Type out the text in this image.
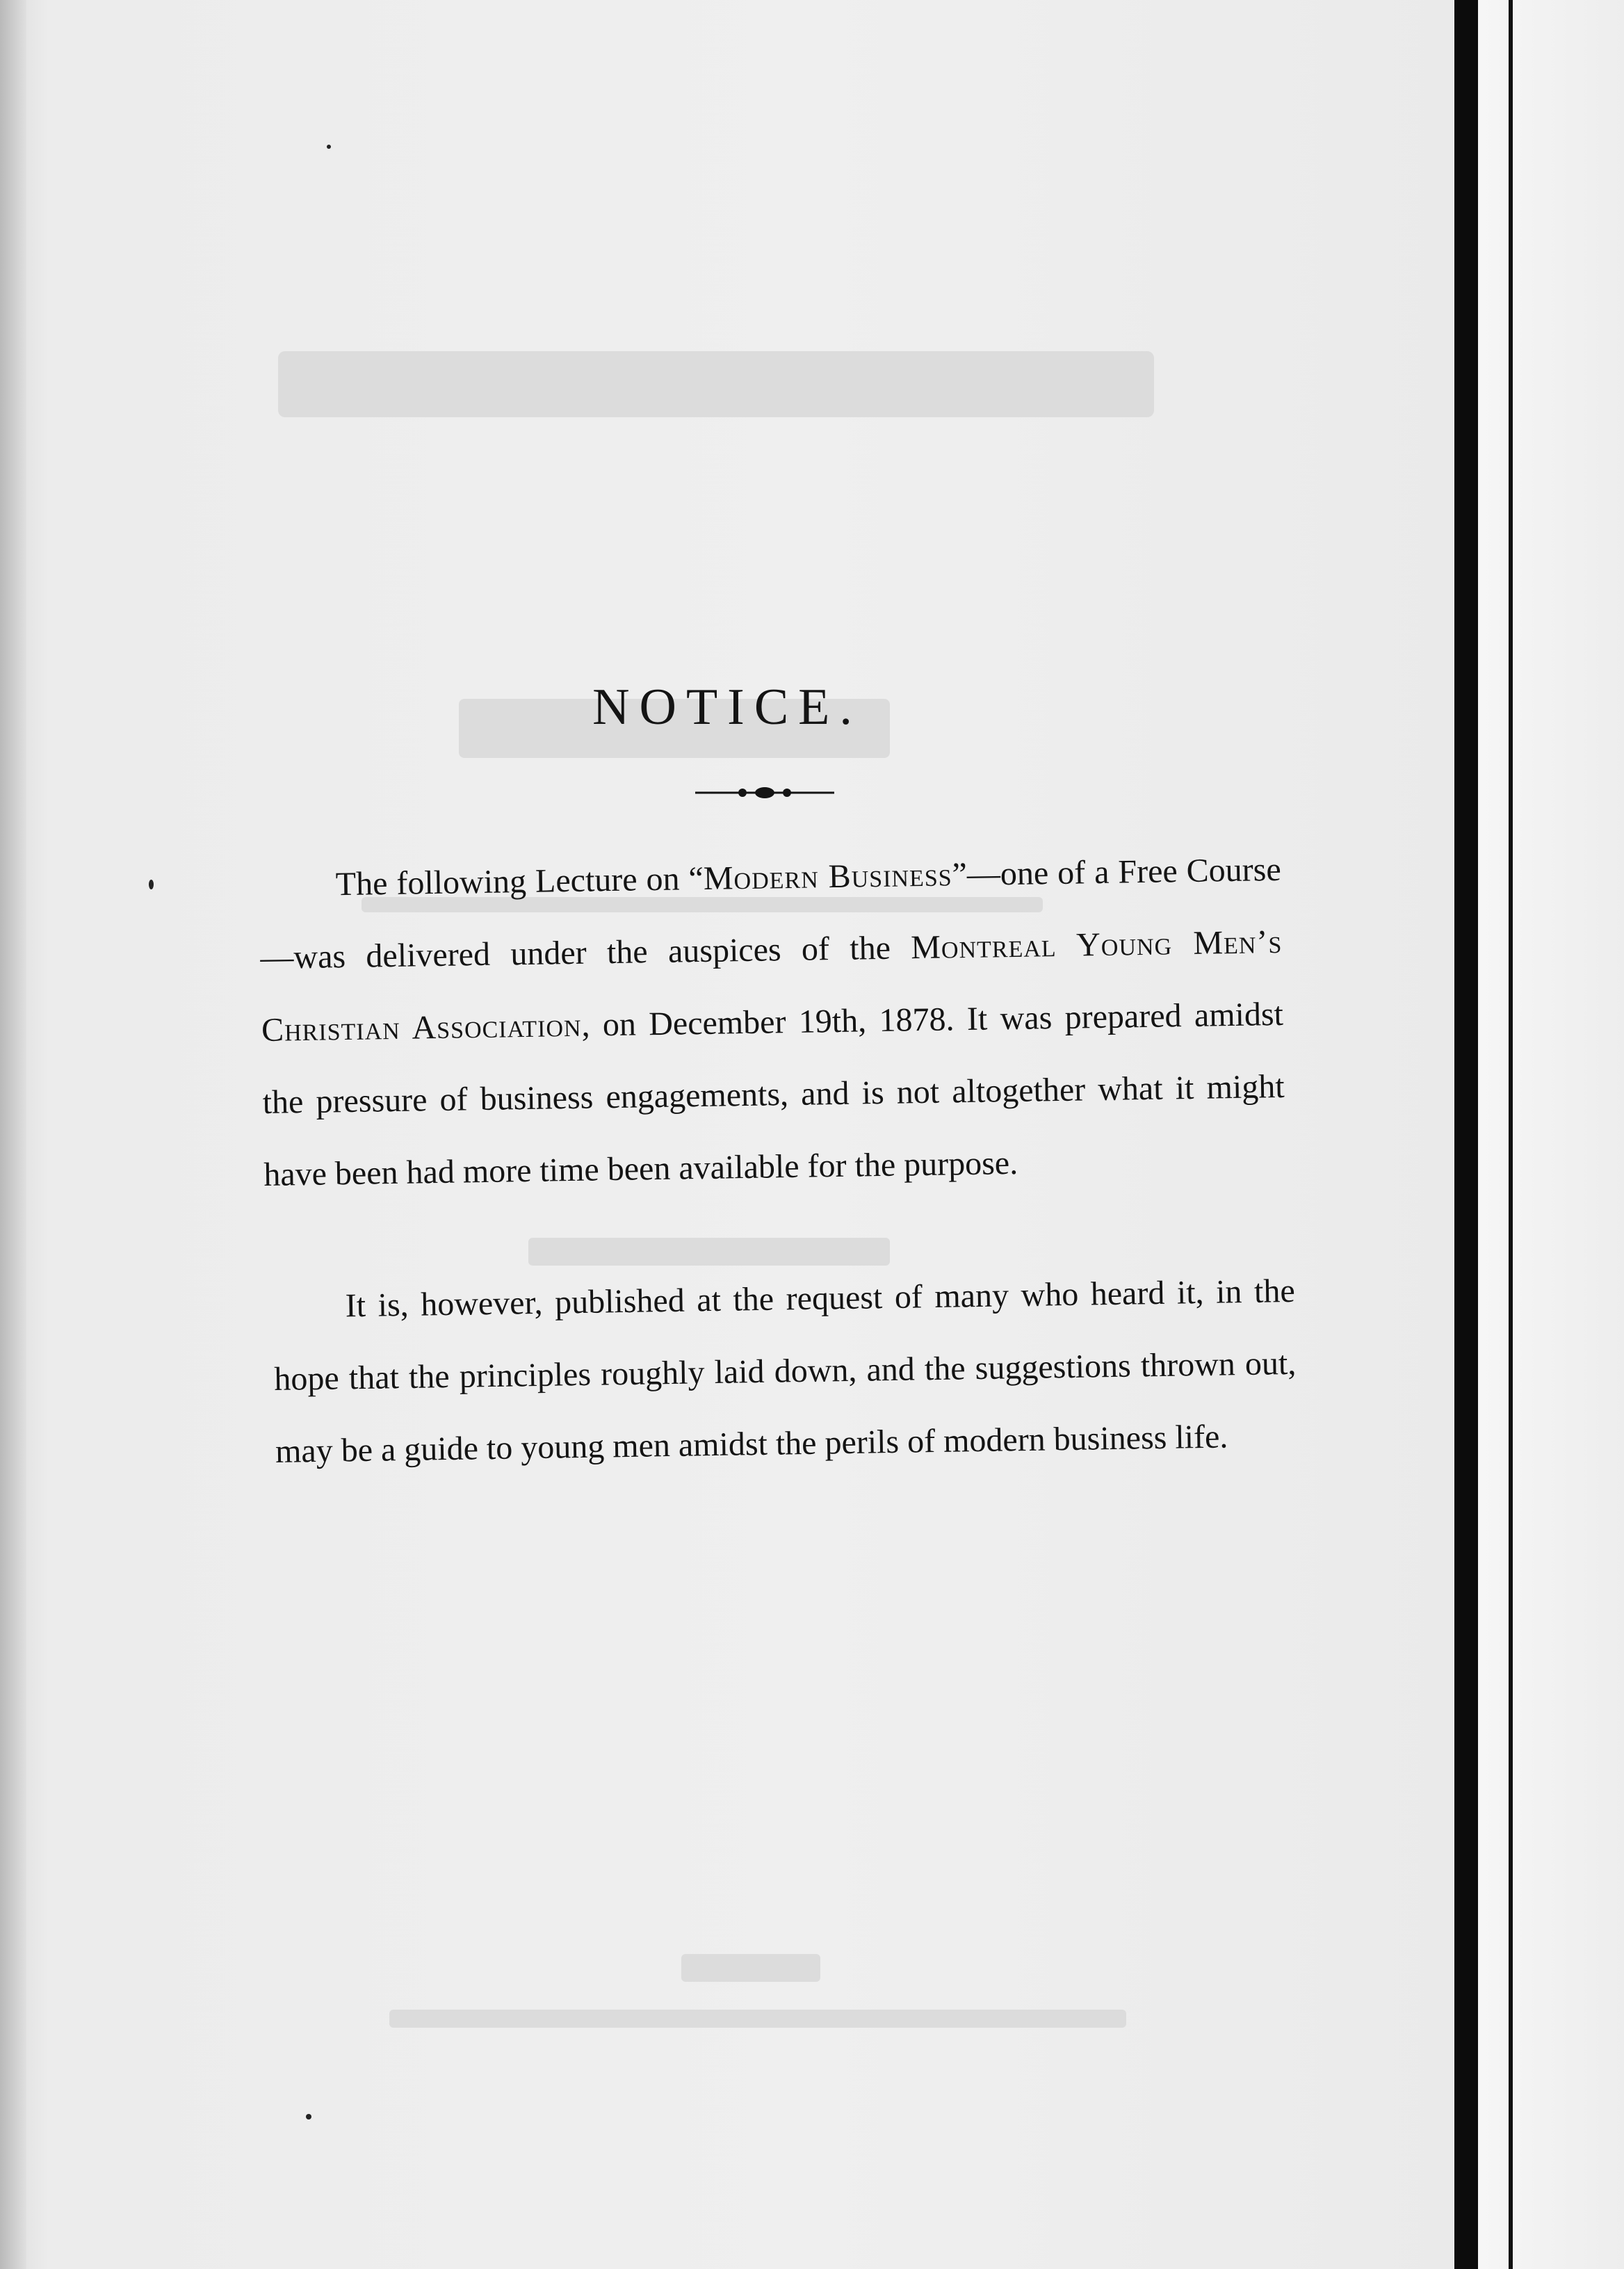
NOTICE.

The following Lecture on “Modern Business”—one of a Free Course—was delivered under the auspices of the Montreal Young Men’s Christian Association, on December 19th, 1878. It was prepared amidst the pressure of business engagements, and is not altogether what it might have been had more time been available for the purpose.

It is, however, published at the request of many who heard it, in the hope that the principles roughly laid down, and the suggestions thrown out, may be a guide to young men amidst the perils of modern business life.
